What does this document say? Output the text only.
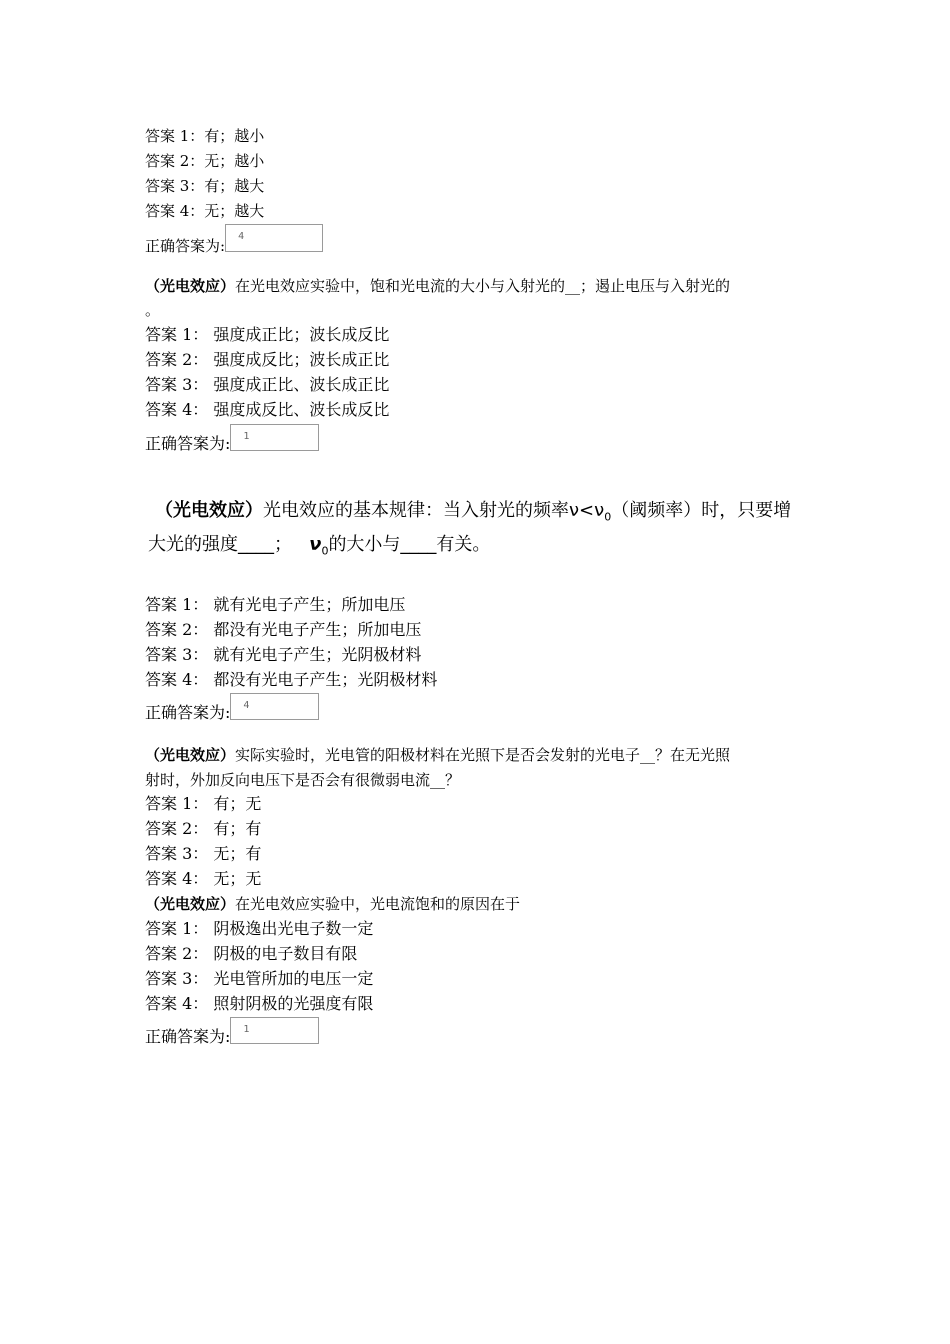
答案 1：有；越小
答案 2：无；越小
答案 3：有；越大
答案 4：无；越大
正确答案为:4
（光电效应）在光电效应实验中，饱和光电流的大小与入射光的__；遏止电压与入射光的
。
答案 1： 强度成正比；波长成反比
答案 2： 强度成反比；波长成正比
答案 3： 强度成正比、波长成正比
答案 4： 强度成反比、波长成反比
正确答案为: 1
（光电效应）光电效应的基本规律：当入射光的频率$\nu<\nu_0$（阈频率）时，只要增
大光的强度____； $\nu_0$的大小与____有关。
答案 1： 就有光电子产生；所加电压
答案 2： 都没有光电子产生；所加电压
答案 3： 就有光电子产生；光阴极材料
答案 4： 都没有光电子产生；光阴极材料
正确答案为: 4
（光电效应）实际实验时，光电管的阳极材料在光照下是否会发射的光电子__？在无光照
射时，外加反向电压下是否会有很微弱电流__？
答案 1： 有；无
答案 2： 有；有
答案 3： 无；有
答案 4： 无；无
（光电效应）在光电效应实验中，光电流饱和的原因在于
答案 1： 阴极逸出光电子数一定
答案 2： 阴极的电子数目有限
答案 3： 光电管所加的电压一定
答案 4： 照射阴极的光强度有限
正确答案为: 1
